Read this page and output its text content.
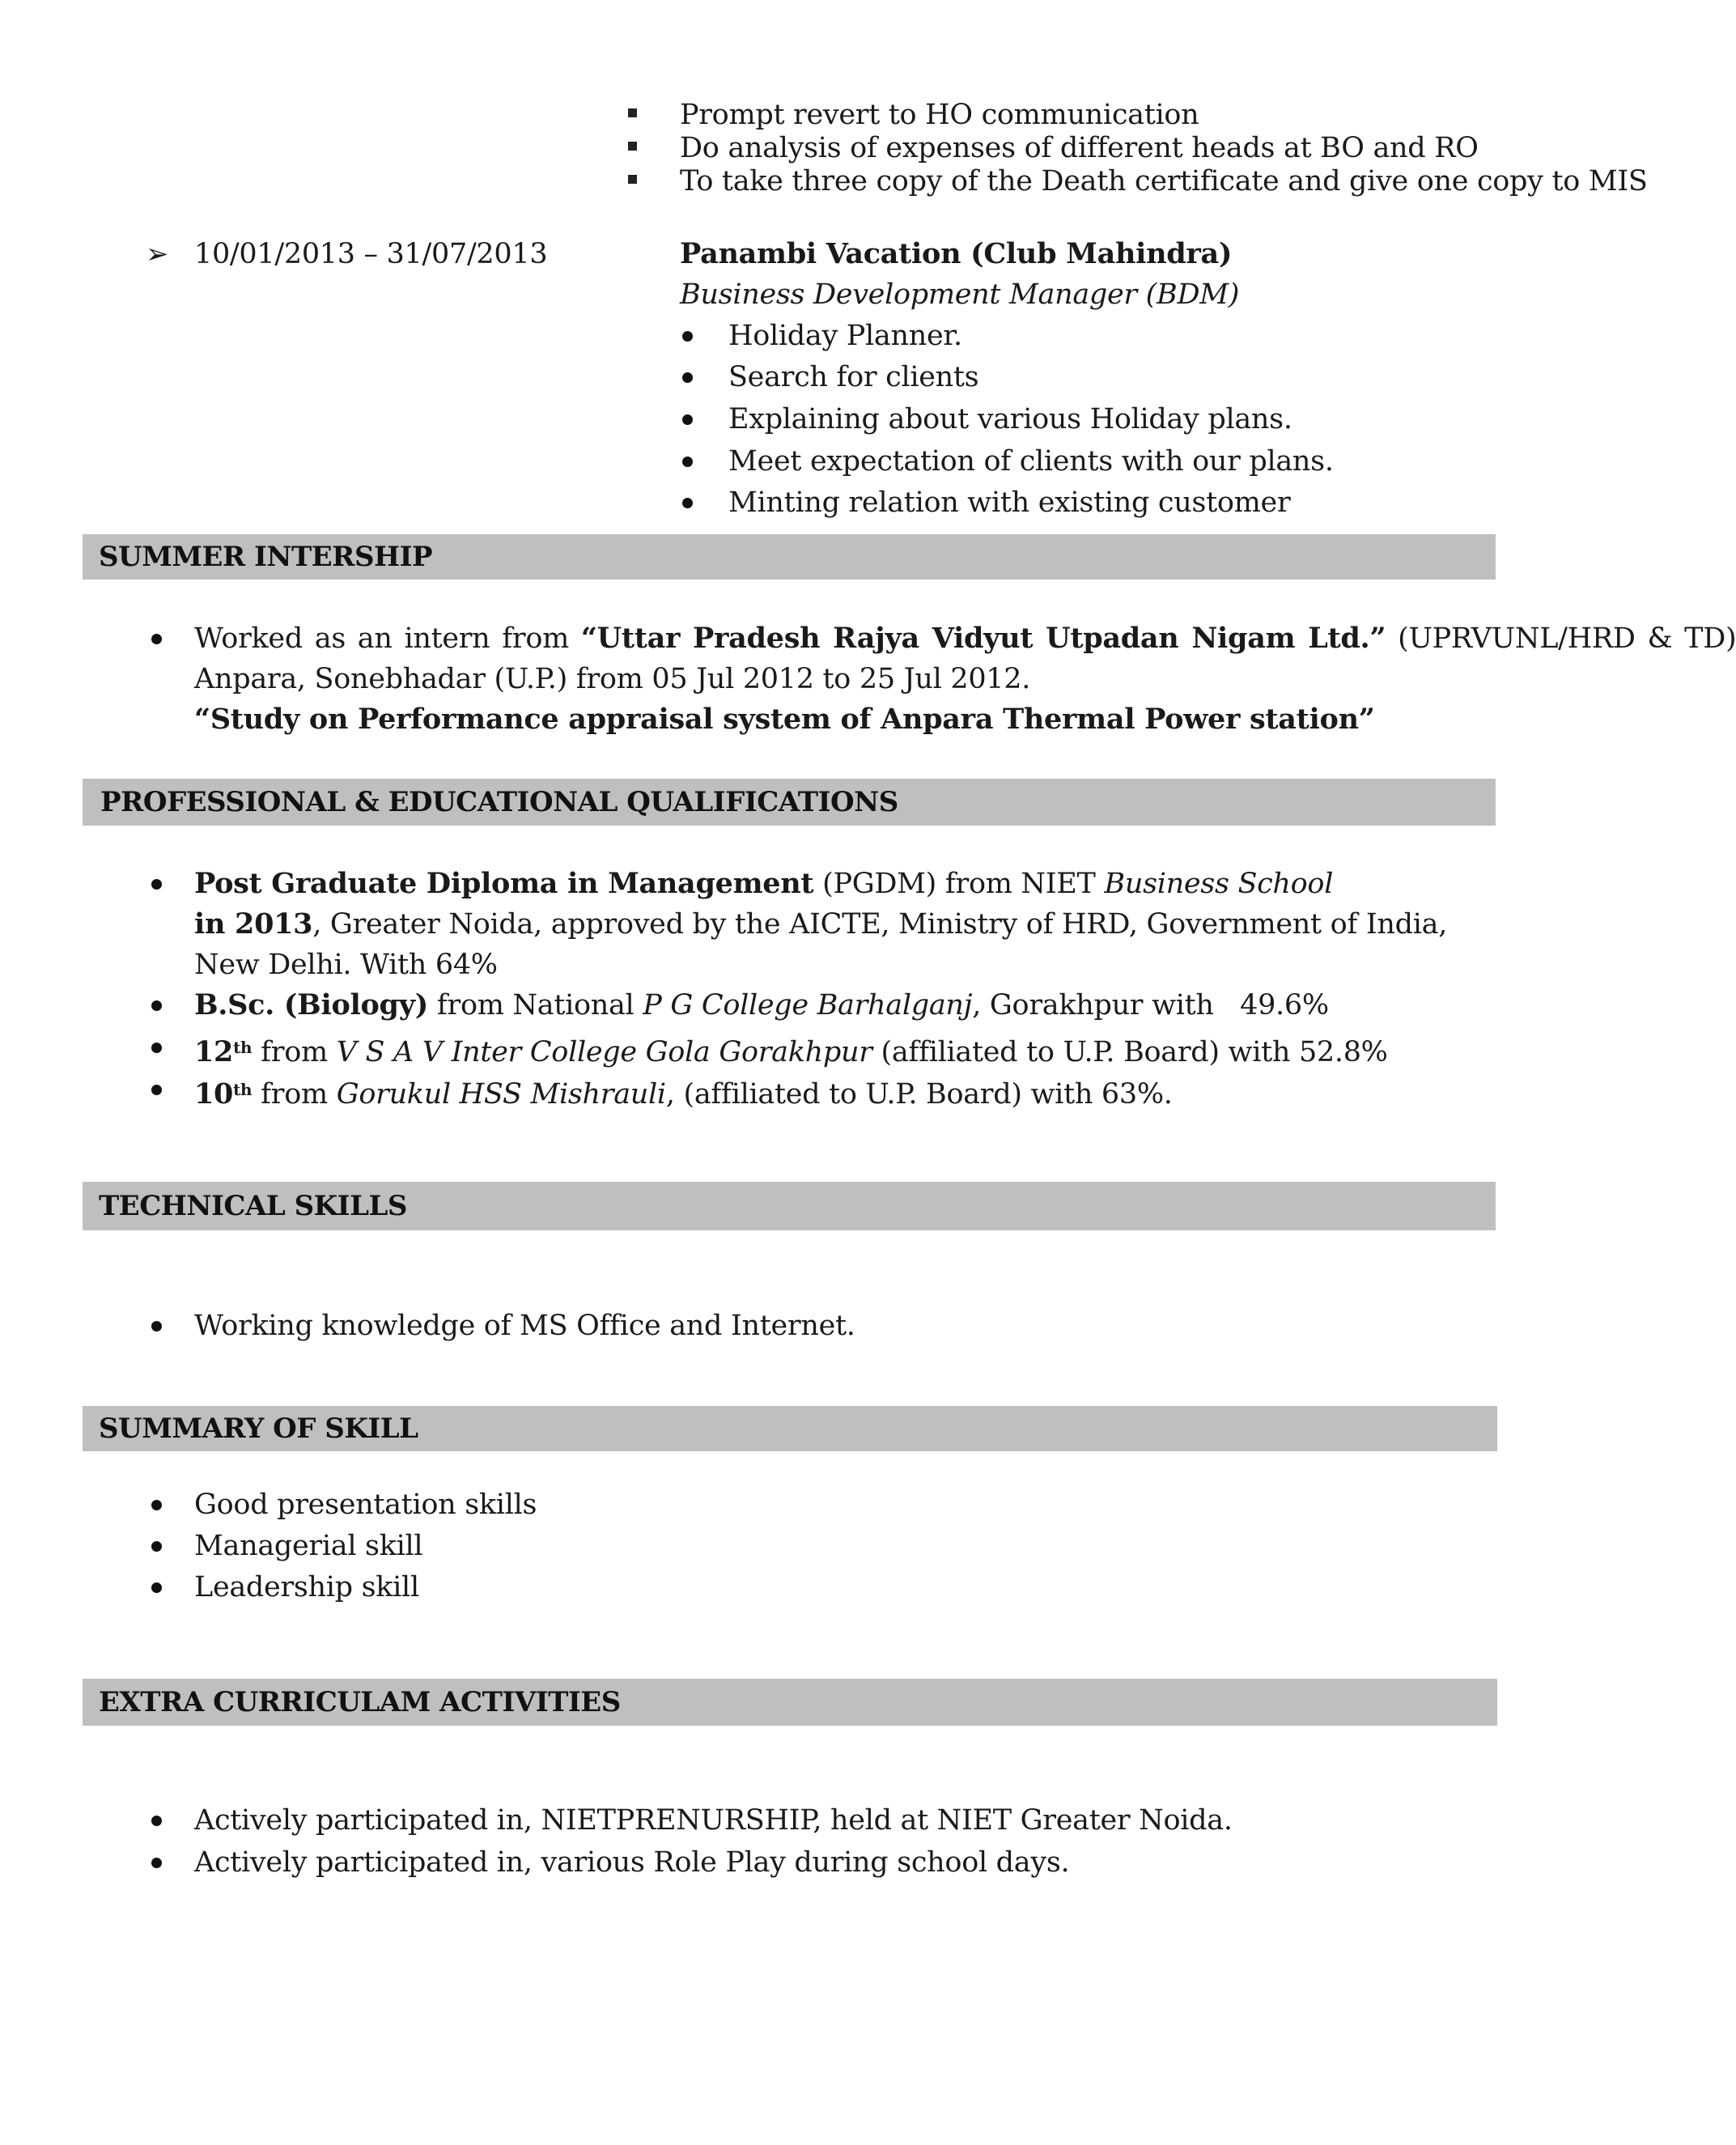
Prompt revert to HO communication
Do analysis of expenses of different heads at BO and RO
To take three copy of the Death certificate and give one copy to MIS
➢ 10/01/2013 – 31/07/2013	Panambi Vacation (Club Mahindra)
Business Development Manager (BDM)
Holiday Planner.
Search for clients
Explaining about various Holiday plans.
Meet expectation of clients with our plans.
Minting relation with existing customer
SUMMER INTERSHIP
Worked as an intern from “Uttar Pradesh Rajya Vidyut Utpadan Nigam Ltd.” (UPRVUNL/HRD & TD)
Anpara, Sonebhadar (U.P.) from 05 Jul 2012 to 25 Jul 2012.
“Study on Performance appraisal system of Anpara Thermal Power station”
PROFESSIONAL & EDUCATIONAL QUALIFICATIONS
Post Graduate Diploma in Management (PGDM) from NIET Business School
in 2013, Greater Noida, approved by the AICTE, Ministry of HRD, Government of India,
New Delhi. With 64%
B.Sc. (Biology) from National P G College Barhalganj, Gorakhpur with   49.6%
12th from V S A V Inter College Gola Gorakhpur (affiliated to U.P. Board) with 52.8%
10th from Gorukul HSS Mishrauli, (affiliated to U.P. Board) with 63%.
TECHNICAL SKILLS
Working knowledge of MS Office and Internet.
SUMMARY OF SKILL
Good presentation skills
Managerial skill
Leadership skill
EXTRA CURRICULAM ACTIVITIES
Actively participated in, NIETPRENURSHIP, held at NIET Greater Noida.
Actively participated in, various Role Play during school days.
